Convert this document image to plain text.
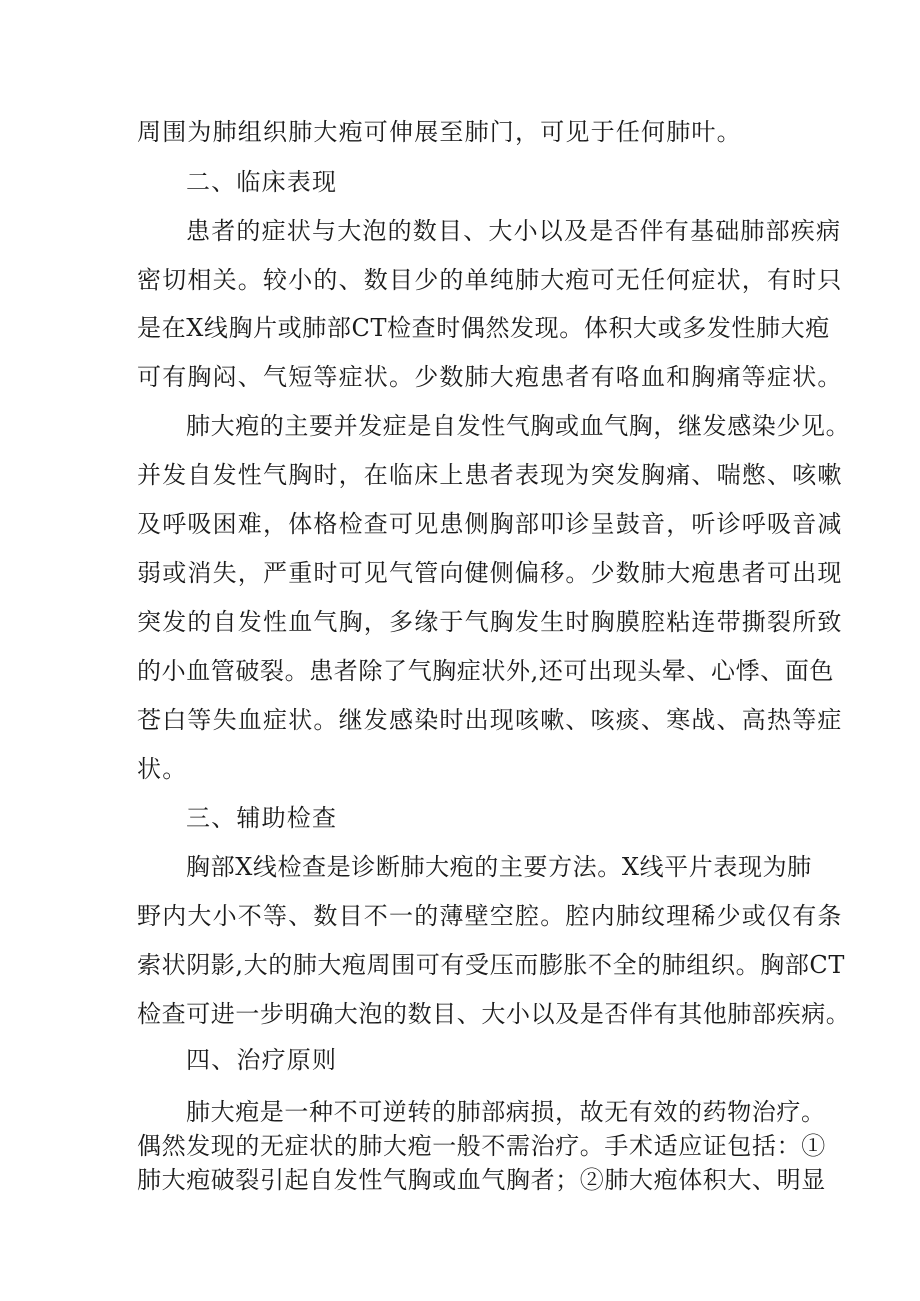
周围为肺组织肺大疱可伸展至肺门，可见于任何肺叶。
二、临床表现
患者的症状与大泡的数目、大小以及是否伴有基础肺部疾病
密切相关。较小的、数目少的单纯肺大疱可无任何症状，有时只
是在X线胸片或肺部CT检查时偶然发现。体积大或多发性肺大疱
可有胸闷、气短等症状。少数肺大疱患者有咯血和胸痛等症状。
肺大疱的主要并发症是自发性气胸或血气胸，继发感染少见。
并发自发性气胸时，在临床上患者表现为突发胸痛、喘憋、咳嗽
及呼吸困难，体格检查可见患侧胸部叩诊呈鼓音，听诊呼吸音减
弱或消失，严重时可见气管向健侧偏移。少数肺大疱患者可出现
突发的自发性血气胸，多缘于气胸发生时胸膜腔粘连带撕裂所致
的小血管破裂。患者除了气胸症状外,还可出现头晕、心悸、面色
苍白等失血症状。继发感染时出现咳嗽、咳痰、寒战、高热等症
状。
三、辅助检查
胸部X线检查是诊断肺大疱的主要方法。X线平片表现为肺
野内大小不等、数目不一的薄壁空腔。腔内肺纹理稀少或仅有条
索状阴影,大的肺大疱周围可有受压而膨胀不全的肺组织。胸部CT
检查可进一步明确大泡的数目、大小以及是否伴有其他肺部疾病。
四、治疗原则
肺大疱是一种不可逆转的肺部病损，故无有效的药物治疗。
偶然发现的无症状的肺大疱一般不需治疗。手术适应证包括：①
肺大疱破裂引起自发性气胸或血气胸者；②肺大疱体积大、明显
